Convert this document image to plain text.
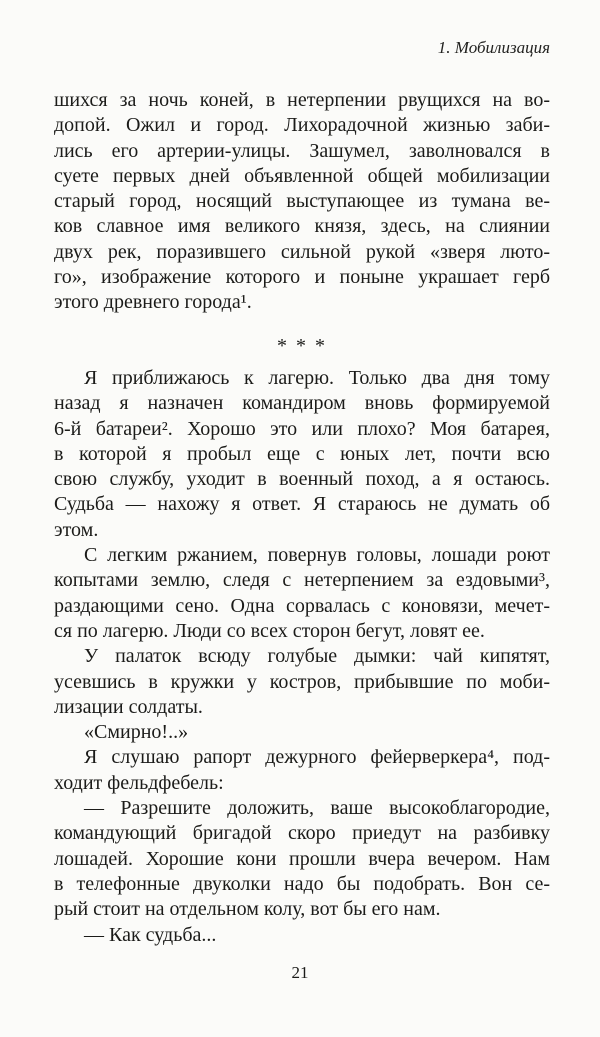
1. Мобилизация
шихся за ночь коней, в нетерпении рвущихся на во-
допой. Ожил и город. Лихорадочной жизнью заби-
лись его артерии-улицы. Зашумел, заволновался в
суете первых дней объявленной общей мобилизации
старый город, носящий выступающее из тумана ве-
ков славное имя великого князя, здесь, на слиянии
двух рек, поразившего сильной рукой «зверя люто-
го», изображение которого и поныне украшает герб
этого древнего города¹.
* * *
Я приближаюсь к лагерю. Только два дня тому
назад я назначен командиром вновь формируемой
6-й батареи². Хорошо это или плохо? Моя батарея,
в которой я пробыл еще с юных лет, почти всю
свою службу, уходит в военный поход, а я остаюсь.
Судьба — нахожу я ответ. Я стараюсь не думать об
этом.
С легким ржанием, повернув головы, лошади роют
копытами землю, следя с нетерпением за ездовыми³,
раздающими сено. Одна сорвалась с коновязи, мечет-
ся по лагерю. Люди со всех сторон бегут, ловят ее.
У палаток всюду голубые дымки: чай кипятят,
усевшись в кружки у костров, прибывшие по моби-
лизации солдаты.
«Смирно!..»
Я слушаю рапорт дежурного фейерверкера⁴, под-
ходит фельдфебель:
— Разрешите доложить, ваше высокоблагородие,
командующий бригадой скоро приедут на разбивку
лошадей. Хорошие кони прошли вчера вечером. Нам
в телефонные двуколки надо бы подобрать. Вон се-
рый стоит на отдельном колу, вот бы его нам.
— Как судьба...
21
